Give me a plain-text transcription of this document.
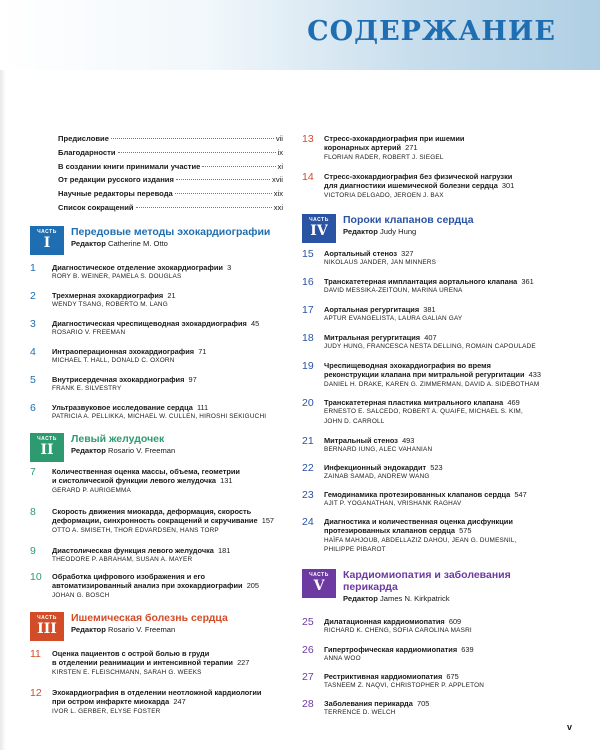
СОДЕРЖАНИЕ
Предисловие	vii
Благодарности	ix
В создании книги принимали участие	xi
От редакции русского издания	xvii
Научные редакторы перевода	xix
Список сокращений	xxi
ЧАСТЬ
I
Передовые методы эхокардиографии
Редактор Catherine M. Otto
ЧАСТЬ
II
Левый желудочек
Редактор Rosario V. Freeman
ЧАСТЬ
III
Ишемическая болезнь сердца
Редактор Rosario V. Freeman
ЧАСТЬ
IV
Пороки клапанов сердца
Редактор Judy Hung
ЧАСТЬ
V
Кардиомиопатия и заболевания
перикарда
Редактор James N. Kirkpatrick
1	Диагностическое отделение эхокардиографии 3
RORY B. WEINER, PAMELA S. DOUGLAS
2	Трехмерная эхокардиография 21
WENDY TSANG, ROBERTO M. LANG
3	Диагностическая чреспищеводная эхокардиография 45
ROSARIO V. FREEMAN
4	Интраоперационная эхокардиография 71
MICHAEL T. HALL, DONALD C. OXORN
5	Внутрисердечная эхокардиография 97
FRANK E. SILVESTRY
6	Ультразвуковое исследование сердца 111
PATRICIA A. PELLIKKA, MICHAEL W. CULLEN, HIROSHI SEKIGUCHI
7	Количественная оценка массы, объема, геометрии
и систолической функции левого желудочка 131
GERARD P. AURIGEMMA
8	Скорость движения миокарда, деформация, скорость
деформации, синхронность сокращений и скручивание 157
OTTO A. SMISETH, THOR EDVARDSEN, HANS TORP
9	Диастолическая функция левого желудочка 181
THEODORE P. ABRAHAM, SUSAN A. MAYER
10	Обработка цифрового изображения и его
автоматизированный анализ при эхокардиографии 205
JOHAN G. BOSCH
11	Оценка пациентов с острой болью в груди
в отделении реанимации и интенсивной терапии 227
KIRSTEN E. FLEISCHMANN, SARAH G. WEEKS
12	Эхокардиография в отделении неотложной кардиологии
при остром инфаркте миокарда 247
IVOR L. GERBER, ELYSE FOSTER
13	Стресс-эхокардиография при ишемии
коронарных артерий 271
FLORIAN RADER, ROBERT J. SIEGEL
14	Стресс-эхокардиография без физической нагрузки
для диагностики ишемической болезни сердца 301
VICTORIA DELGADO, JEROEN J. BAX
15	Аортальный стеноз 327
NIKOLAUS JANDER, JAN MINNERS
16	Транскатетерная имплантация аортального клапана 361
DAVID MESSIKA-ZEITOUN, MARINA URENA
17	Аортальная регургитация 381
APTUR EVANGELISTA, LAURA GALIAN GAY
18	Митральная регургитация 407
JUDY HUNG, FRANCESCA NESTA DELLING, ROMAIN CAPOULADE
19	Чреспищеводная эхокардиография во время
реконструкции клапана при митральной регургитации 433
DANIEL H. DRAKE, KAREN G. ZIMMERMAN, DAVID A. SIDEBOTHAM
20	Транскатетерная пластика митрального клапана 469
ERNESTO E. SALCEDO, ROBERT A. QUAIFE, MICHAEL S. KIM,
JOHN D. CARROLL
21	Митральный стеноз 493
BERNARD IUNG, ALEC VAHANIAN
22	Инфекционный эндокардит 523
ZAINAB SAMAD, ANDREW WANG
23	Гемодинамика протезированных клапанов сердца 547
AJIT P. YOGANATHAN, VRISHANK RAGHAV
24	Диагностика и количественная оценка дисфункции
протезированных клапанов сердца 575
HAÏFA MAHJOUB, ABDELLAZIZ DAHOU, JEAN G. DUMESNIL,
PHILIPPE PIBAROT
25	Дилатационная кардиомиопатия 609
RICHARD K. CHENG, SOFIA CAROLINA MASRI
26	Гипертрофическая кардиомиопатия 639
ANNA WOO
27	Рестриктивная кардиомиопатия 675
TASNEEM Z. NAQVI, CHRISTOPHER P. APPLETON
28	Заболевания перикарда 705
TERRENCE D. WELCH
v
